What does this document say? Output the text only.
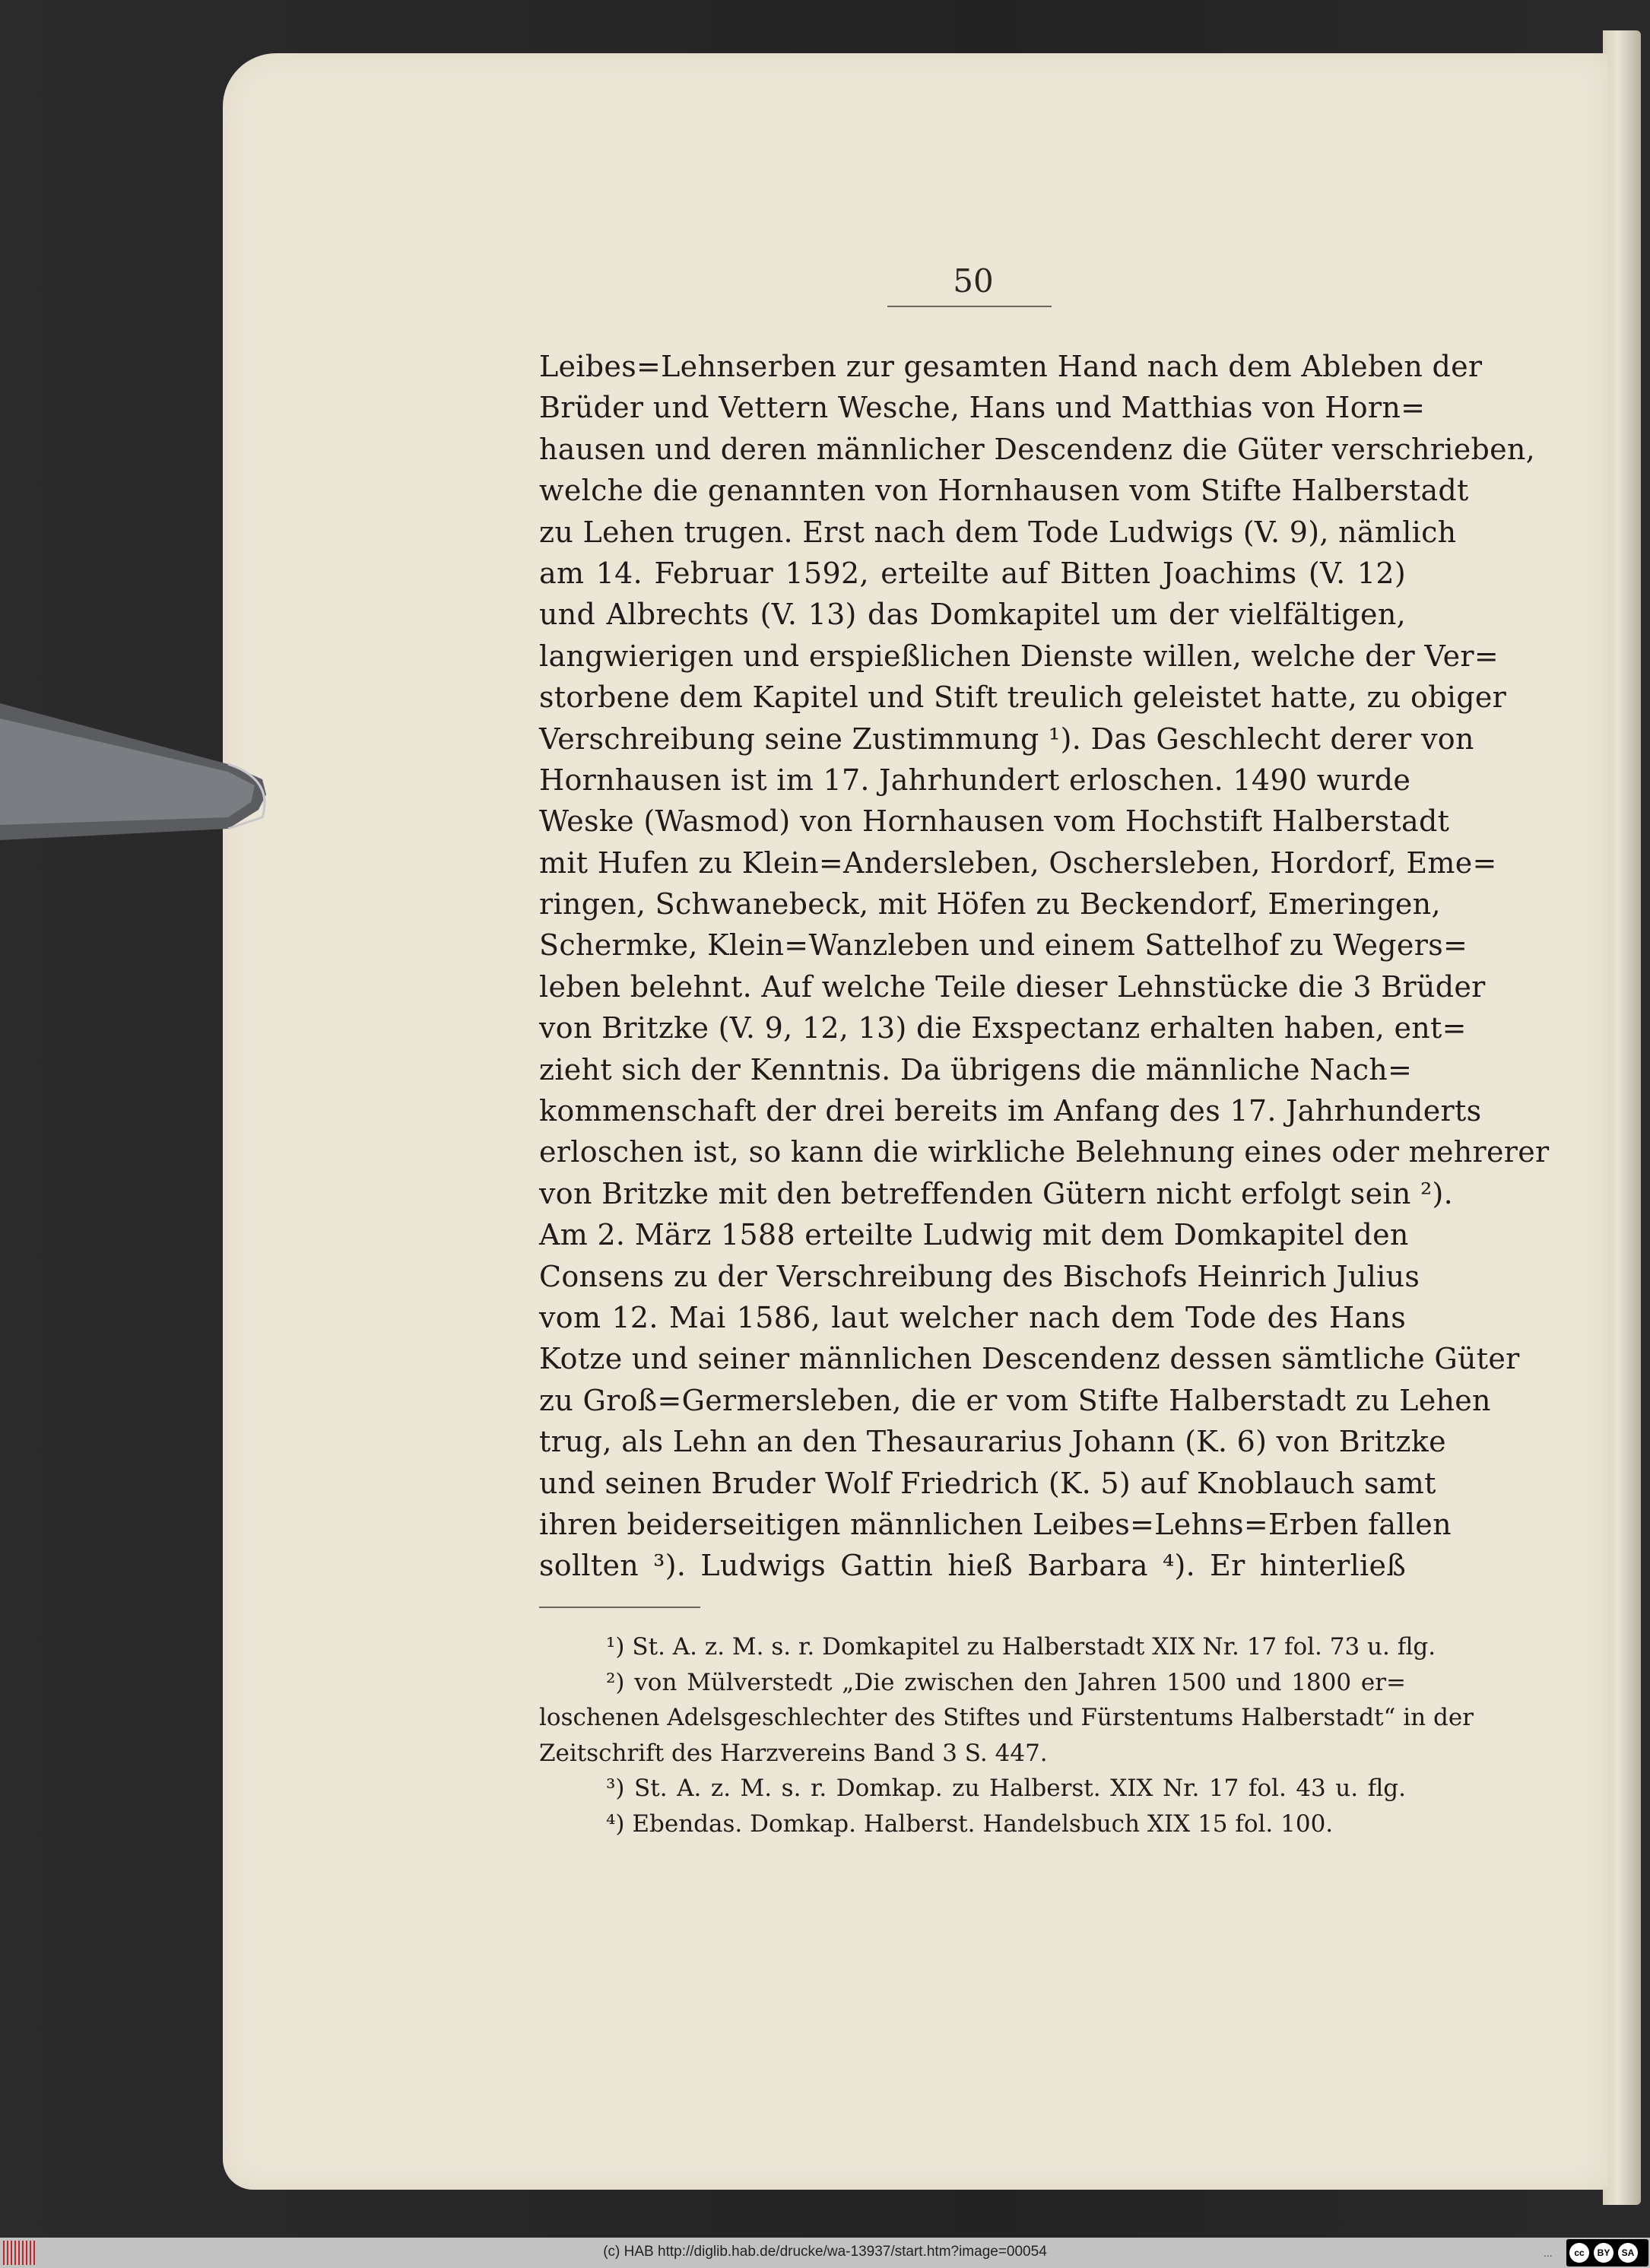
50
Leibes=Lehnserben zur gesamten Hand nach dem Ableben der
Brüder und Vettern Wesche, Hans und Matthias von Horn=
hausen und deren männlicher Descendenz die Güter verschrieben,
welche die genannten von Hornhausen vom Stifte Halberstadt
zu Lehen trugen. Erst nach dem Tode Ludwigs (V. 9), nämlich
am 14. Februar 1592, erteilte auf Bitten Joachims (V. 12)
und Albrechts (V. 13) das Domkapitel um der vielfältigen,
langwierigen und erspießlichen Dienste willen, welche der Ver=
storbene dem Kapitel und Stift treulich geleistet hatte, zu obiger
Verschreibung seine Zustimmung ¹). Das Geschlecht derer von
Hornhausen ist im 17. Jahrhundert erloschen. 1490 wurde
Weske (Wasmod) von Hornhausen vom Hochstift Halberstadt
mit Hufen zu Klein=Andersleben, Oschersleben, Hordorf, Eme=
ringen, Schwanebeck, mit Höfen zu Beckendorf, Emeringen,
Schermke, Klein=Wanzleben und einem Sattelhof zu Wegers=
leben belehnt. Auf welche Teile dieser Lehnstücke die 3 Brüder
von Britzke (V. 9, 12, 13) die Exspectanz erhalten haben, ent=
zieht sich der Kenntnis. Da übrigens die männliche Nach=
kommenschaft der drei bereits im Anfang des 17. Jahrhunderts
erloschen ist, so kann die wirkliche Belehnung eines oder mehrerer
von Britzke mit den betreffenden Gütern nicht erfolgt sein ²).
Am 2. März 1588 erteilte Ludwig mit dem Domkapitel den
Consens zu der Verschreibung des Bischofs Heinrich Julius
vom 12. Mai 1586, laut welcher nach dem Tode des Hans
Kotze und seiner männlichen Descendenz dessen sämtliche Güter
zu Groß=Germersleben, die er vom Stifte Halberstadt zu Lehen
trug, als Lehn an den Thesaurarius Johann (K. 6) von Britzke
und seinen Bruder Wolf Friedrich (K. 5) auf Knoblauch samt
ihren beiderseitigen männlichen Leibes=Lehns=Erben fallen
sollten ³). Ludwigs Gattin hieß Barbara ⁴). Er hinterließ
¹) St. A. z. M. s. r. Domkapitel zu Halberstadt XIX Nr. 17 fol. 73 u. flg.
²) von Mülverstedt „Die zwischen den Jahren 1500 und 1800 er=
loschenen Adelsgeschlechter des Stiftes und Fürstentums Halberstadt“ in der
Zeitschrift des Harzvereins Band 3 S. 447.
³) St. A. z. M. s. r. Domkap. zu Halberst. XIX Nr. 17 fol. 43 u. flg.
⁴) Ebendas. Domkap. Halberst. Handelsbuch XIX 15 fol. 100.
(c) HAB http://diglib.hab.de/drucke/wa-13937/start.htm?image=00054	...	cc	BY	SA
